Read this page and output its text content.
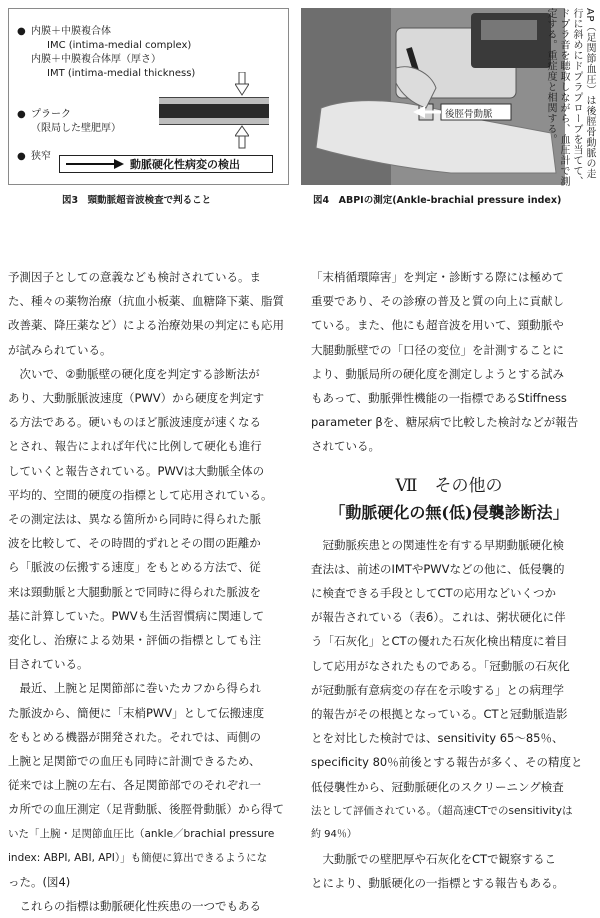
● 内膜＋中膜複合体
IMC (intima-medial complex)
内膜＋中膜複合体厚（厚さ）
IMT (intima-medial thickness)
● プラーク
（限局した壁肥厚）
● 狭窄
動脈硬化性病変の検出
図3　頸動脈超音波検査で判ること
後脛骨動脈	AP（足関節血圧）は後脛骨動脈の走行に斜めにドプラプローブを当てて、ドプラ音を聴取しながら、血圧計で測定する。重症度と相関する。
図4　ABPIの測定(Ankle-brachial pressure index)

予測因子としての意義なども検討されている。ま

た、種々の薬物治療（抗血小板薬、血糖降下薬、脂質

改善薬、降圧薬など）による治療効果の判定にも応用

が試みられている。

　次いで、②動脈壁の硬化度を判定する診断法が

あり、大動脈脈波速度（PWV）から硬度を判定す

る方法である。硬いものほど脈波速度が速くなる

とされ、報告によれば年代に比例して硬化も進行

していくと報告されている。PWVは大動脈全体の

平均的、空間的硬度の指標として応用されている。

その測定法は、異なる箇所から同時に得られた脈

波を比較して、その時間的ずれとその間の距離か

ら「脈波の伝搬する速度」をもとめる方法で、従

来は頸動脈と大腿動脈とで同時に得られた脈波を

基に計算していた。PWVも生活習慣病に関連して

変化し、治療による効果・評価の指標としても注

目されている。

　最近、上腕と足関節部に巻いたカフから得られ

た脈波から、簡便に「末梢PWV」として伝搬速度

をもとめる機器が開発された。それでは、両側の

上腕と足関節での血圧も同時に計測できるため、

従来では上腕の左右、各足関節部でのそれぞれ一

カ所での血圧測定（足背動脈、後脛骨動脈）から得て

いた「上腕・足関節血圧比（ankle／brachial pressure

index: ABPI, ABI, API）」も簡便に算出できるようにな

った。(図4)

　これらの指標は動脈硬化性疾患の一つでもある

「末梢循環障害」を判定・診断する際には極めて

重要であり、その診療の普及と質の向上に貢献し

ている。また、他にも超音波を用いて、頸動脈や

大腿動脈壁での「口径の変位」を計測することに

より、動脈局所の硬化度を測定しようとする試み

もあって、動脈弾性機能の一指標であるStiffness

parameter βを、糖尿病で比較した検討などが報告

されている。

Ⅶ　その他の
「動脈硬化の無(低)侵襲診断法」

　冠動脈疾患との関連性を有する早期動脈硬化検

査法は、前述のIMTやPWVなどの他に、低侵襲的

に検査できる手段としてCTの応用などいくつか

が報告されている（表6）。これは、粥状硬化に伴

う「石灰化」とCTの優れた石灰化検出精度に着目

して応用がなされたものである。「冠動脈の石灰化

が冠動脈有意病変の存在を示唆する」との病理学

的報告がその根拠となっている。CTと冠動脈造影

とを対比した検討では、sensitivity 65～85％、

specificity 80％前後とする報告が多く、その精度と

低侵襲性から、冠動脈硬化のスクリーニング検査

法として評価されている。（超高速CTでのsensitivityは

約 94％）

　大動脈での壁肥厚や石灰化をCTで観察するこ

とにより、動脈硬化の一指標とする報告もある。
